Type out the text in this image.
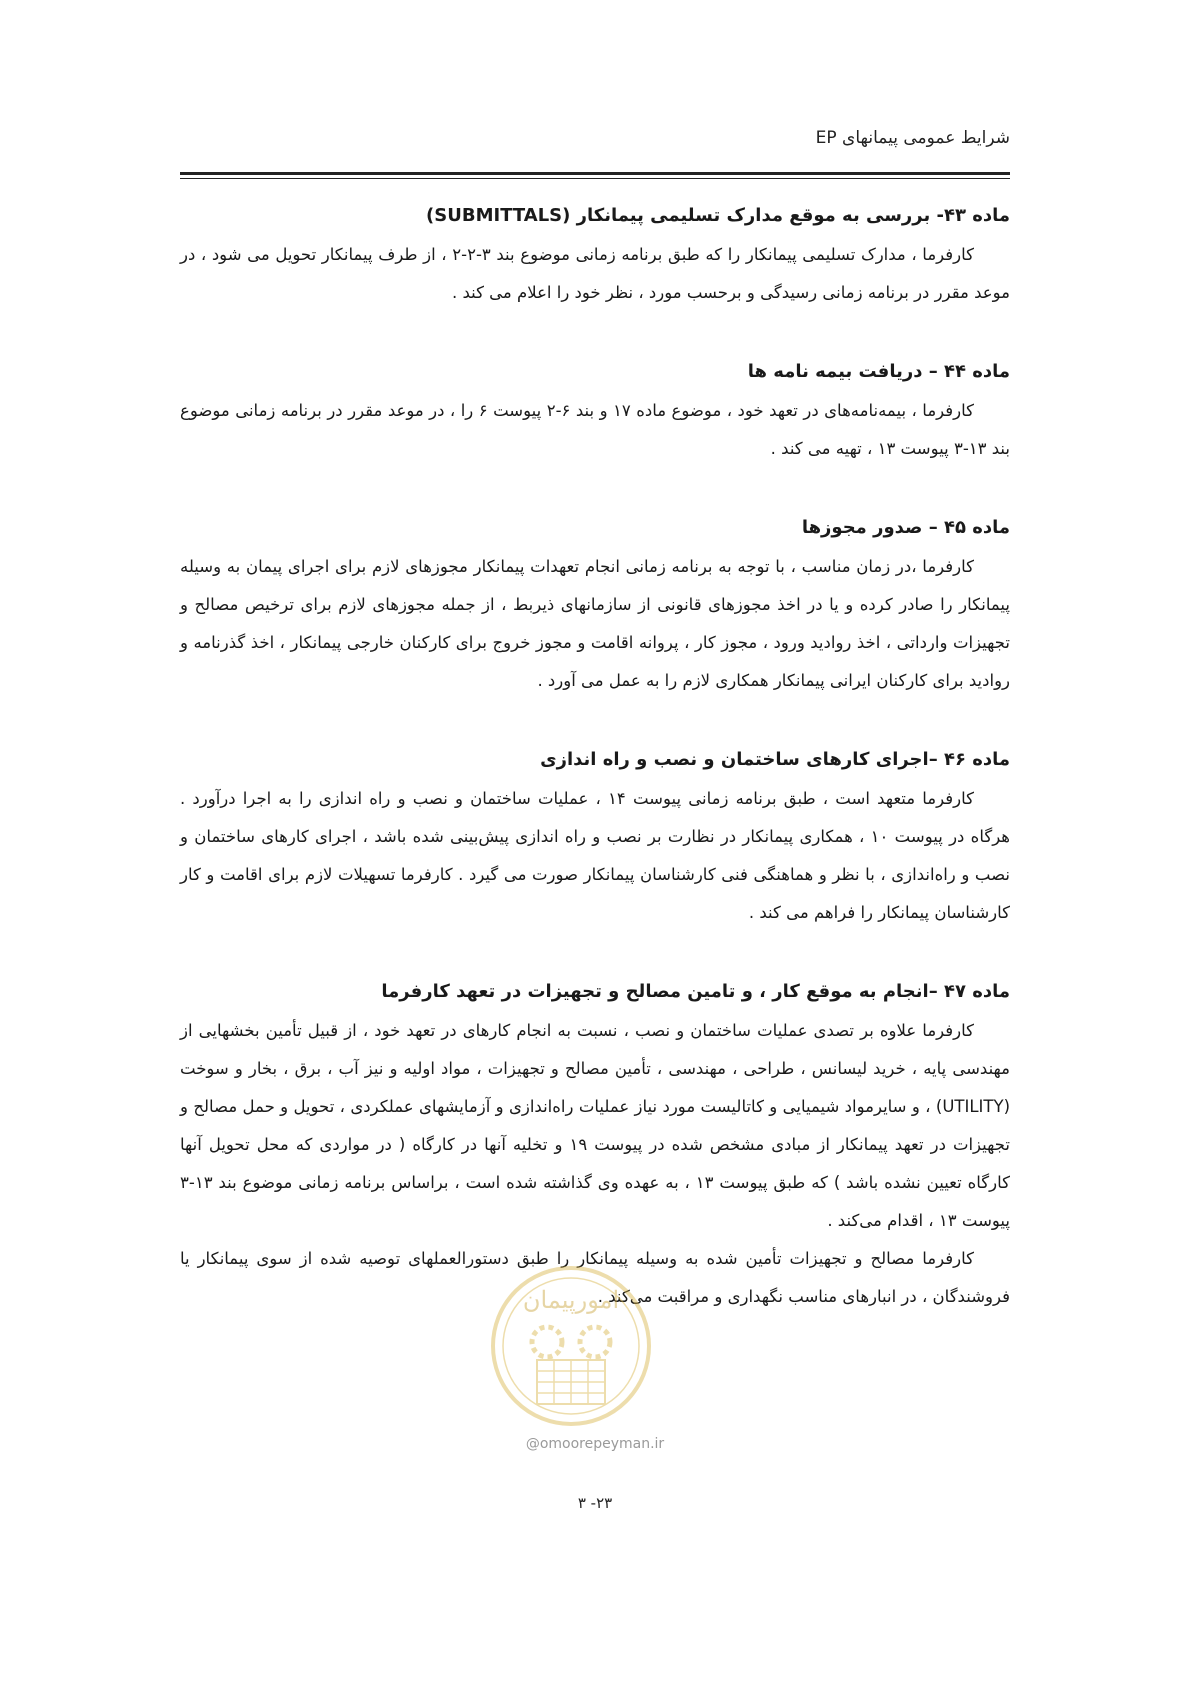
شرایط عمومی پیمانهای EP

ماده ۴۳- بررسی به موقع مدارک تسلیمی پیمانکار (SUBMITTALS)

کارفرما ، مدارک تسلیمی پیمانکار را که طبق برنامه زمانی موضوع بند ۳-۲-۲ ، از طرف پیمانکار تحویل می شود ، در موعد مقرر در برنامه زمانی رسیدگی و برحسب مورد ، نظر خود را اعلام می کند .

ماده ۴۴ – دریافت بیمه نامه ها

کارفرما ، بیمه‌نامه‌های در تعهد خود ، موضوع ماده ۱۷ و بند ۶-۲ پیوست ۶ را ، در موعد مقرر در برنامه زمانی موضوع بند ۱۳-۳ پیوست ۱۳ ، تهیه می کند .

ماده ۴۵ – صدور مجوزها

کارفرما ،در زمان مناسب ، با توجه به برنامه زمانی انجام تعهدات پیمانکار مجوزهای لازم برای اجرای پیمان به وسیله پیمانکار را صادر کرده و یا در اخذ مجوزهای قانونی از سازمانهای ذیربط ، از جمله مجوزهای لازم برای ترخیص مصالح و تجهیزات وارداتی ، اخذ روادید ورود ، مجوز کار ، پروانه اقامت و مجوز خروج برای کارکنان خارجی پیمانکار ، اخذ گذرنامه و روادید برای کارکنان ایرانی پیمانکار همکاری لازم را به عمل می آورد .

ماده ۴۶ –اجرای کارهای ساختمان و نصب و راه اندازی

کارفرما متعهد است ، طبق برنامه زمانی پیوست ۱۴ ، عملیات ساختمان و نصب و راه اندازی را به اجرا درآورد . هرگاه در پیوست ۱۰ ، همکاری پیمانکار در نظارت بر نصب و راه اندازی پیش‌بینی شده باشد ، اجرای کارهای ساختمان و نصب و راه‌اندازی ، با نظر و هماهنگی فنی کارشناسان پیمانکار صورت می گیرد . کارفرما تسهیلات لازم برای اقامت و کار کارشناسان پیمانکار را فراهم می کند .

ماده ۴۷ –انجام به موقع کار ، و تامین مصالح و تجهیزات در تعهد کارفرما

کارفرما علاوه بر تصدی عملیات ساختمان و نصب ، نسبت به انجام کارهای در تعهد خود ، از قبیل تأمین بخشهایی از مهندسی پایه ، خرید لیسانس ، طراحی ، مهندسی ، تأمین مصالح و تجهیزات ، مواد اولیه و نیز آب ، برق ، بخار و سوخت (UTILITY) ، و سایرمواد شیمیایی و کاتالیست مورد نیاز عملیات راه‌اندازی و آزمایشهای عملکردی ، تحویل و حمل مصالح و تجهیزات در تعهد پیمانکار از مبادی مشخص شده در پیوست ۱۹ و تخلیه آنها در کارگاه ( در مواردی که محل تحویل آنها کارگاه تعیین نشده باشد ) که طبق پیوست ۱۳ ، به عهده وی گذاشته شده است ، براساس برنامه زمانی موضوع بند ۱۳-۳ پیوست ۱۳ ، اقدام می‌کند .

کارفرما مصالح و تجهیزات تأمین شده به وسیله پیمانکار را طبق دستورالعملهای توصیه شده از سوی پیمانکار یا فروشندگان ، در انبارهای مناسب نگهداری و مراقبت می‌کند .

امورپیمان
@omoorepeyman.ir
۲۳- ۳
